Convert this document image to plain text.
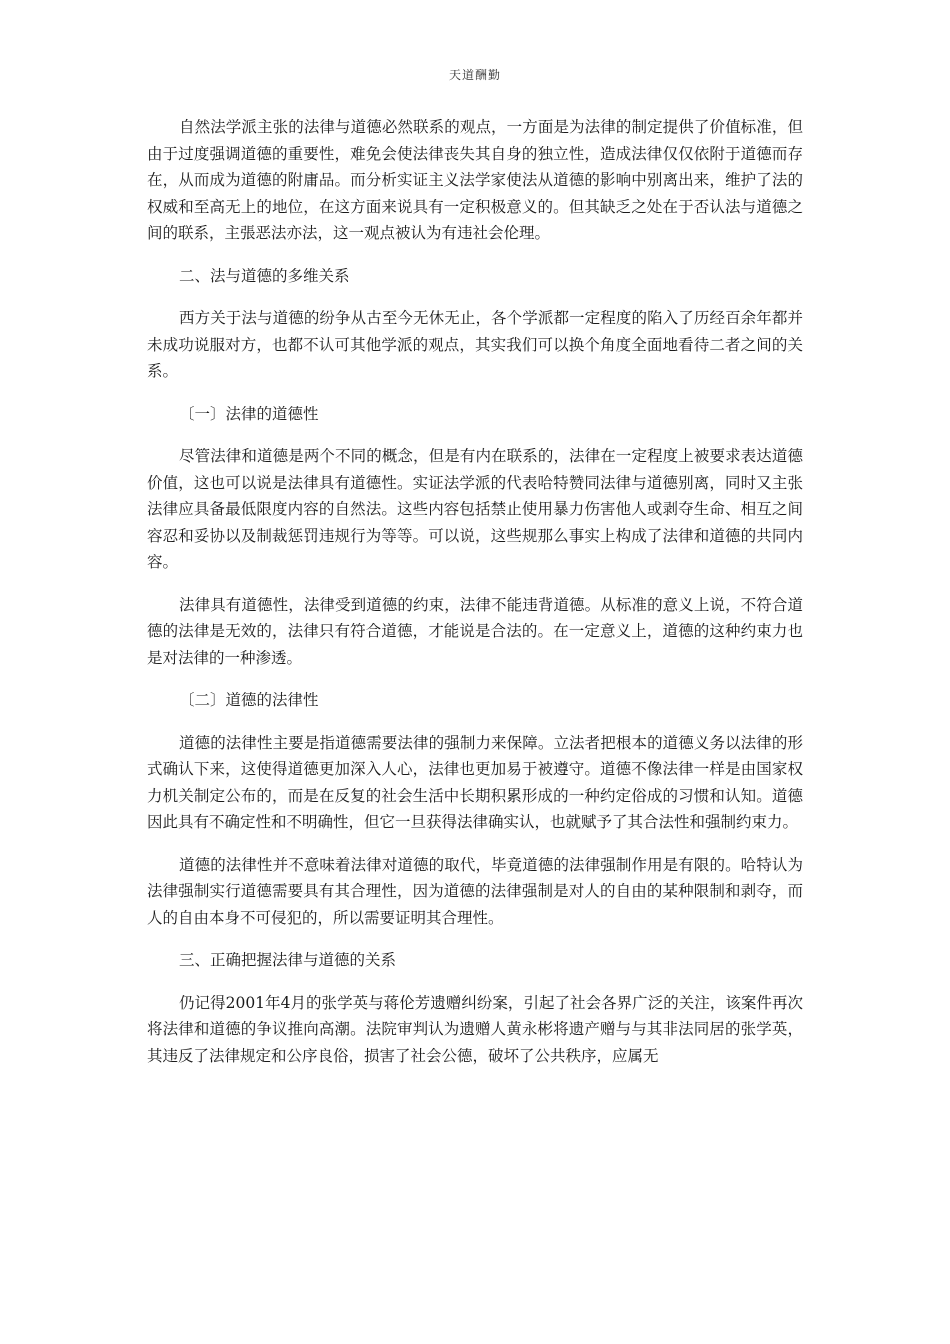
天道酬勤

自然法学派主张的法律与道德必然联系的观点，一方面是为法律的制定提供了价值标准，但由于过度强调道德的重要性，难免会使法律丧失其自身的独立性，造成法律仅仅依附于道德而存在，从而成为道德的附庸品。而分析实证主义法学家使法从道德的影响中别离出来，维护了法的权威和至高无上的地位，在这方面来说具有一定积极意义的。但其缺乏之处在于否认法与道德之间的联系，主張恶法亦法，这一观点被认为有违社会伦理。

二、法与道德的多维关系

西方关于法与道德的纷争从古至今无休无止，各个学派都一定程度的陷入了历经百余年都并未成功说服对方，也都不认可其他学派的观点，其实我们可以换个角度全面地看待二者之间的关系。

〔一〕法律的道德性

尽管法律和道德是两个不同的概念，但是有内在联系的，法律在一定程度上被要求表达道德价值，这也可以说是法律具有道德性。实证法学派的代表哈特赞同法律与道德别离，同时又主张法律应具备最低限度内容的自然法。这些内容包括禁止使用暴力伤害他人或剥夺生命、相互之间容忍和妥协以及制裁惩罚违规行为等等。可以说，这些规那么事实上构成了法律和道德的共同内容。

法律具有道德性，法律受到道德的约束，法律不能违背道德。从标准的意义上说，不符合道德的法律是无效的，法律只有符合道德，才能说是合法的。在一定意义上，道德的这种约束力也是对法律的一种渗透。

〔二〕道德的法律性

道德的法律性主要是指道德需要法律的强制力来保障。立法者把根本的道德义务以法律的形式确认下来，这使得道德更加深入人心，法律也更加易于被遵守。道德不像法律一样是由国家权力机关制定公布的，而是在反复的社会生活中长期积累形成的一种约定俗成的习惯和认知。道德因此具有不确定性和不明确性，但它一旦获得法律确实认，也就赋予了其合法性和强制约束力。

道德的法律性并不意味着法律对道德的取代，毕竟道德的法律强制作用是有限的。哈特认为法律强制实行道德需要具有其合理性，因为道德的法律强制是对人的自由的某种限制和剥夺，而人的自由本身不可侵犯的，所以需要证明其合理性。

三、正确把握法律与道德的关系

仍记得2001年4月的张学英与蒋伦芳遗赠纠纷案，引起了社会各界广泛的关注，该案件再次将法律和道德的争议推向高潮。法院审判认为遗赠人黄永彬将遗产赠与与其非法同居的张学英，其违反了法律规定和公序良俗，损害了社会公德，破坏了公共秩序，应属无
